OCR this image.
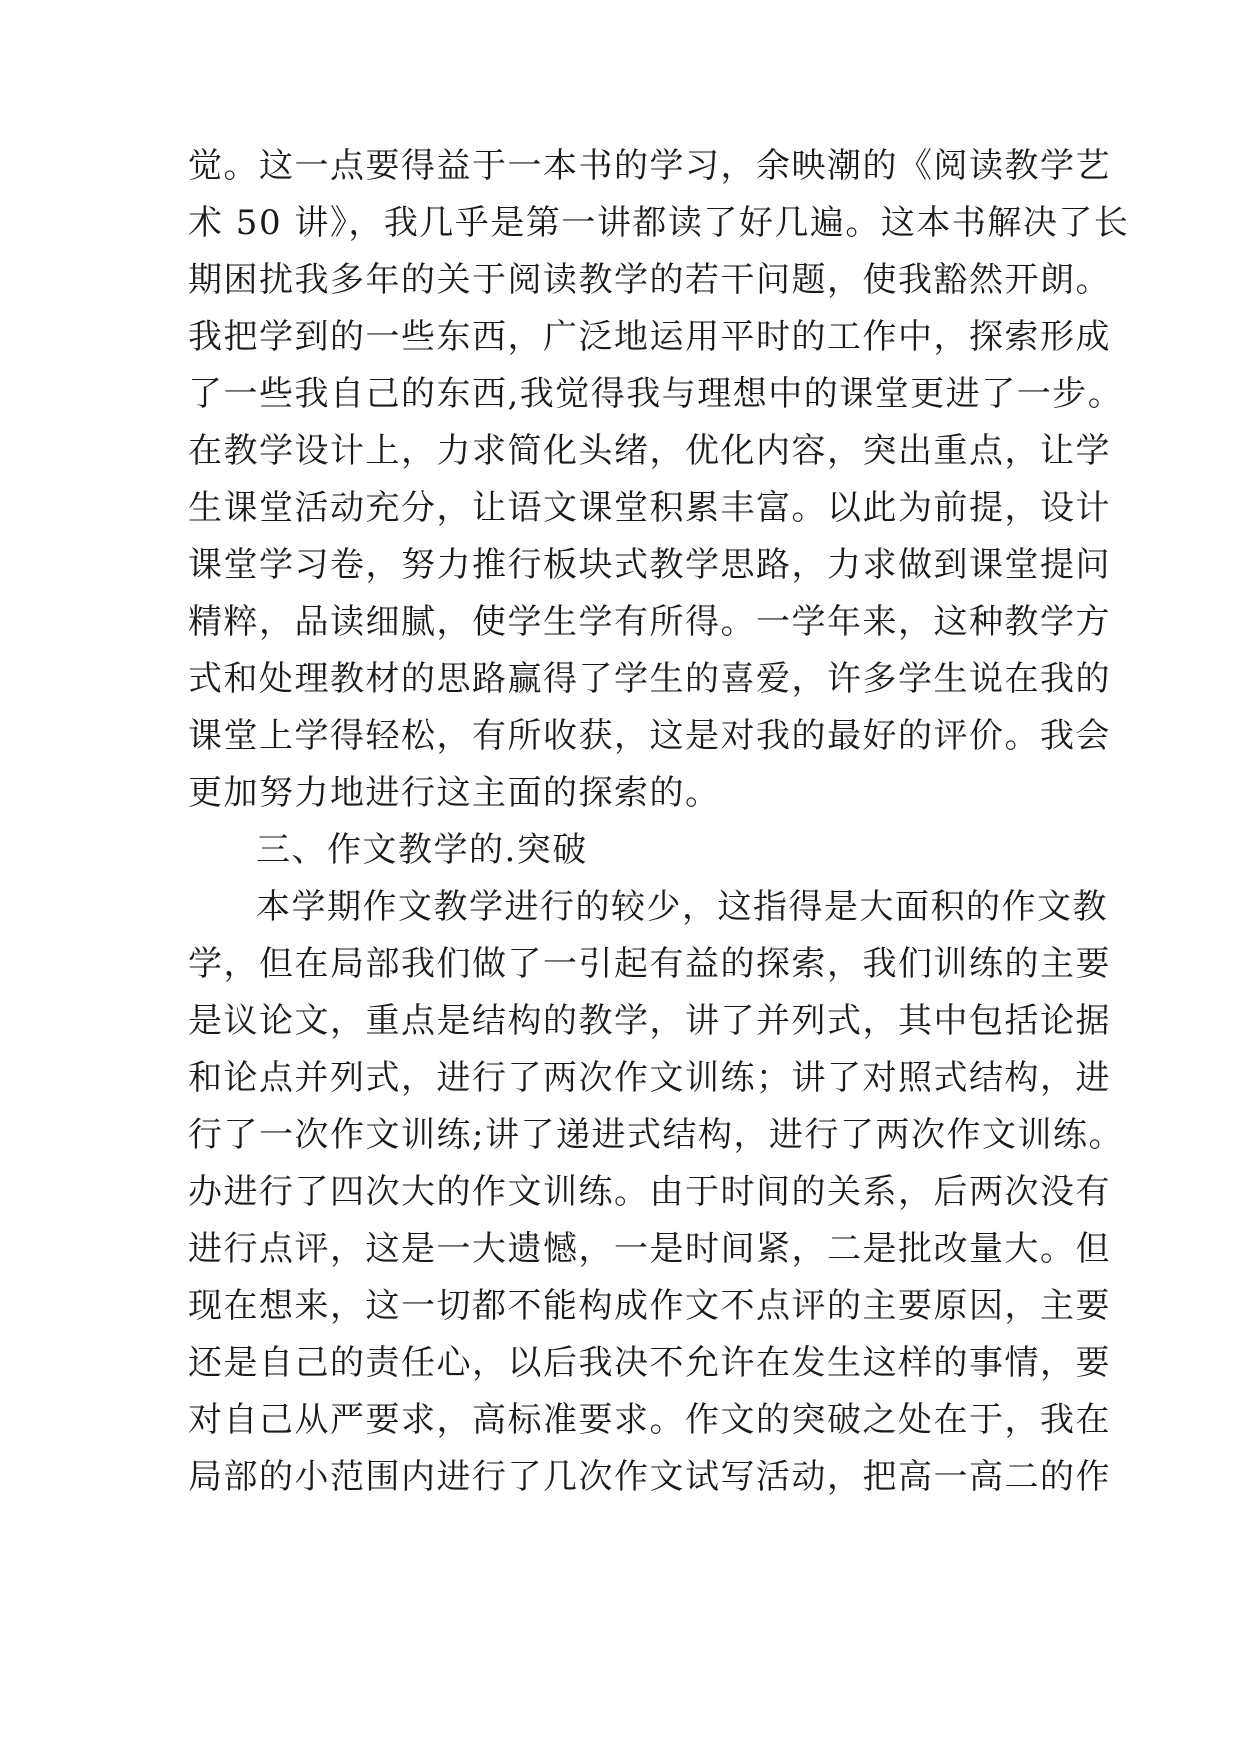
觉。这一点要得益于一本书的学习，余映潮的《阅读教学艺
术 50 讲》，我几乎是第一讲都读了好几遍。这本书解决了长
期困扰我多年的关于阅读教学的若干问题，使我豁然开朗。
我把学到的一些东西，广泛地运用平时的工作中，探索形成
了一些我自己的东西,我觉得我与理想中的课堂更进了一步。
在教学设计上，力求简化头绪，优化内容，突出重点，让学
生课堂活动充分，让语文课堂积累丰富。以此为前提，设计
课堂学习卷，努力推行板块式教学思路，力求做到课堂提问
精粹，品读细腻，使学生学有所得。一学年来，这种教学方
式和处理教材的思路赢得了学生的喜爱，许多学生说在我的
课堂上学得轻松，有所收获，这是对我的最好的评价。我会
更加努力地进行这主面的探索的。
三、作文教学的.突破
本学期作文教学进行的较少，这指得是大面积的作文教
学，但在局部我们做了一引起有益的探索，我们训练的主要
是议论文，重点是结构的教学，讲了并列式，其中包括论据
和论点并列式，进行了两次作文训练；讲了对照式结构，进
行了一次作文训练;讲了递进式结构，进行了两次作文训练。
办进行了四次大的作文训练。由于时间的关系，后两次没有
进行点评，这是一大遗憾，一是时间紧，二是批改量大。但
现在想来，这一切都不能构成作文不点评的主要原因，主要
还是自己的责任心，以后我决不允许在发生这样的事情，要
对自己从严要求，高标准要求。作文的突破之处在于，我在
局部的小范围内进行了几次作文试写活动，把高一高二的作
